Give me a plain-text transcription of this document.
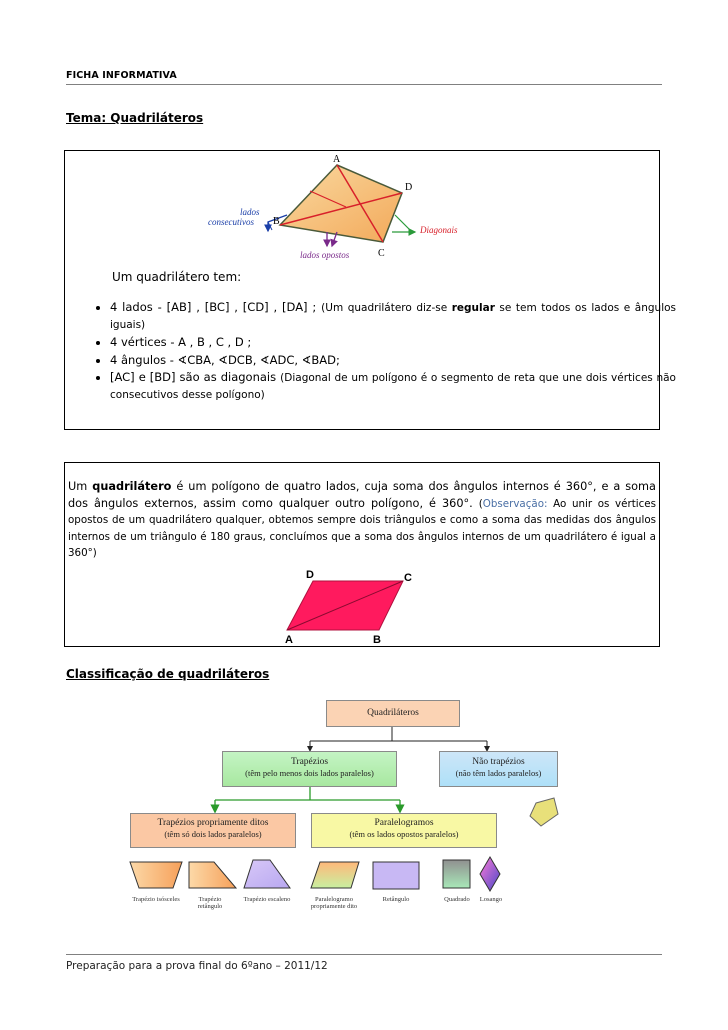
FICHA INFORMATIVA
Tema: Quadriláteros
A
D
B
C
lados
consecutivos
lados opostos
Diagonais
Um quadrilátero tem:
• 4 lados - [AB] , [BC] , [CD] , [DA] ; (Um quadrilátero diz-se regular se tem todos os lados e ângulos iguais)
• 4 vértices - A , B , C , D ;
• 4 ângulos - ∢CBA, ∢DCB, ∢ADC, ∢BAD;
• [AC] e [BD] são as diagonais (Diagonal de um polígono é o segmento de reta que une dois vértices não consecutivos desse polígono)
Um quadrilátero é um polígono de quatro lados, cuja soma dos ângulos internos é 360°, e a soma dos ângulos externos, assim como qualquer outro polígono, é 360°. (Observação: Ao unir os vértices opostos de um quadrilátero qualquer, obtemos sempre dois triângulos e como a soma das medidas dos ângulos internos de um triângulo é 180 graus, concluímos que a soma dos ângulos internos de um quadrilátero é igual a 360°)
D	C
A	B
Classificação de quadriláteros
Quadriláteros
Trapézios
(têm pelo menos dois lados paralelos)
Não trapézios
(não têm lados paralelos)
Trapézios propriamente ditos
(têm só dois lados paralelos)
Paralelogramos
(têm os lados opostos paralelos)
Trapézio isósceles	Trapézio retângulo
Trapézio escaleno	Paralelogramo propriamente dito
Retângulo	Quadrado	Losango
Preparação para a prova final do 6ºano – 2011/12
